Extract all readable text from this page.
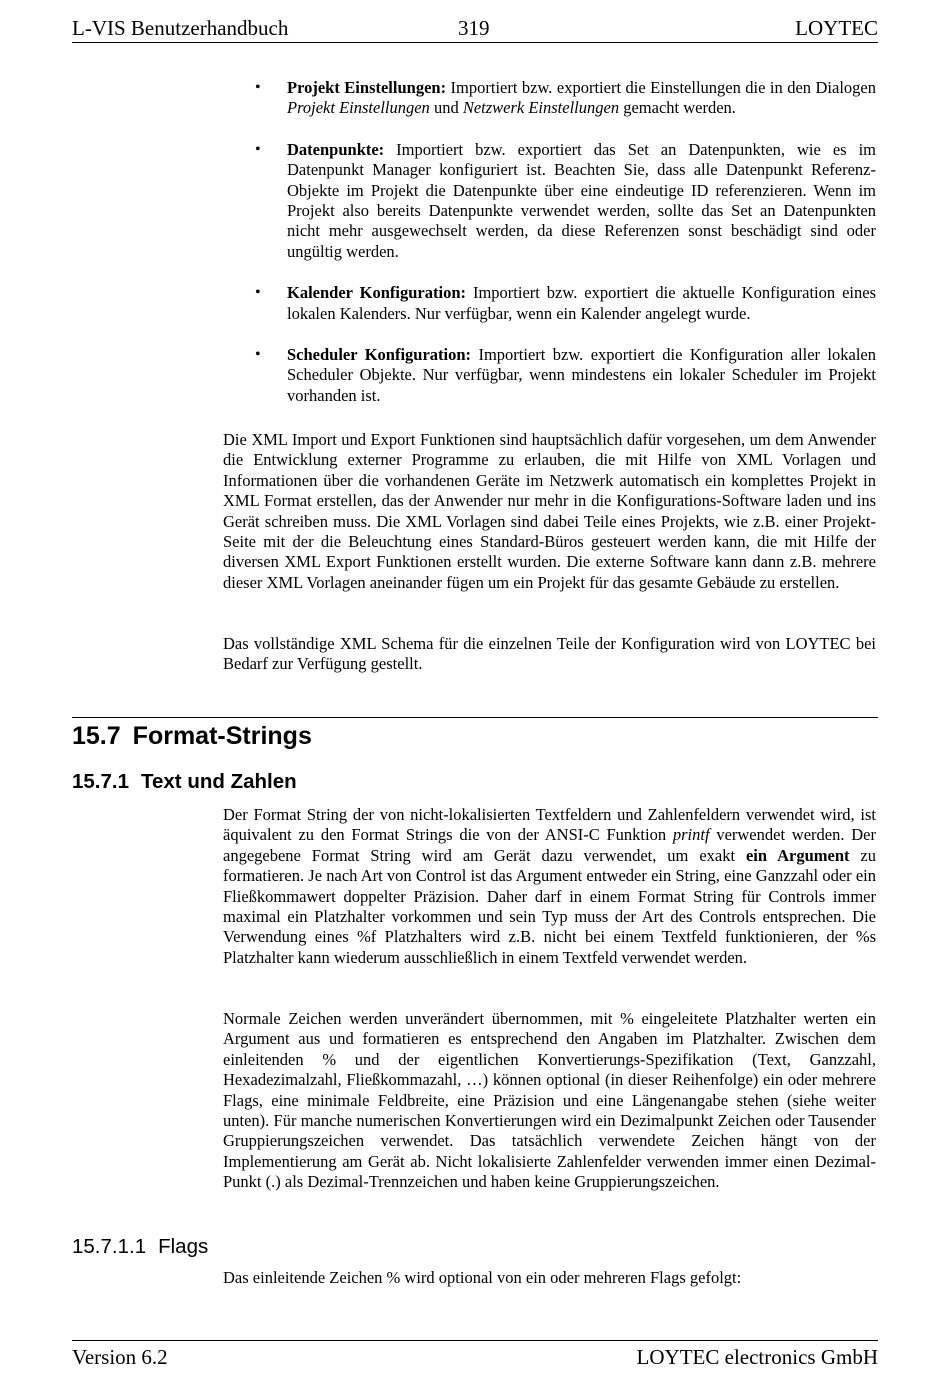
L-VIS Benutzerhandbuch	319	LOYTEC
• Projekt Einstellungen: Importiert bzw. exportiert die Einstellungen die in den Dialogen Projekt Einstellungen und Netzwerk Einstellungen gemacht werden.
• Datenpunkte: Importiert bzw. exportiert das Set an Datenpunkten, wie es im Datenpunkt Manager konfiguriert ist. Beachten Sie, dass alle Datenpunkt Referenz-Objekte im Projekt die Datenpunkte über eine eindeutige ID referenzieren. Wenn im Projekt also bereits Datenpunkte verwendet werden, sollte das Set an Datenpunkten nicht mehr ausgewechselt werden, da diese Referenzen sonst beschädigt sind oder ungültig werden.
• Kalender Konfiguration: Importiert bzw. exportiert die aktuelle Konfiguration eines lokalen Kalenders. Nur verfügbar, wenn ein Kalender angelegt wurde.
• Scheduler Konfiguration: Importiert bzw. exportiert die Konfiguration aller lokalen Scheduler Objekte. Nur verfügbar, wenn mindestens ein lokaler Scheduler im Projekt vorhanden ist.

Die XML Import und Export Funktionen sind hauptsächlich dafür vorgesehen, um dem Anwender die Entwicklung externer Programme zu erlauben, die mit Hilfe von XML Vorlagen und Informationen über die vorhandenen Geräte im Netzwerk automatisch ein komplettes Projekt in XML Format erstellen, das der Anwender nur mehr in die Konfigurations-Software laden und ins Gerät schreiben muss. Die XML Vorlagen sind dabei Teile eines Projekts, wie z.B. einer Projekt-Seite mit der die Beleuchtung eines Standard-Büros gesteuert werden kann, die mit Hilfe der diversen XML Export Funktionen erstellt wurden. Die externe Software kann dann z.B. mehrere dieser XML Vorlagen aneinander fügen um ein Projekt für das gesamte Gebäude zu erstellen.

Das vollständige XML Schema für die einzelnen Teile der Konfiguration wird von LOYTEC bei Bedarf zur Verfügung gestellt.

15.7 Format-Strings
15.7.1 Text und Zahlen

Der Format String der von nicht-lokalisierten Textfeldern und Zahlenfeldern verwendet wird, ist äquivalent zu den Format Strings die von der ANSI-C Funktion printf verwendet werden. Der angegebene Format String wird am Gerät dazu verwendet, um exakt ein Argument zu formatieren. Je nach Art von Control ist das Argument entweder ein String, eine Ganzzahl oder ein Fließkommawert doppelter Präzision. Daher darf in einem Format String für Controls immer maximal ein Platzhalter vorkommen und sein Typ muss der Art des Controls entsprechen. Die Verwendung eines %f Platzhalters wird z.B. nicht bei einem Textfeld funktionieren, der %s Platzhalter kann wiederum ausschließlich in einem Textfeld verwendet werden.

Normale Zeichen werden unverändert übernommen, mit % eingeleitete Platzhalter werten ein Argument aus und formatieren es entsprechend den Angaben im Platzhalter. Zwischen dem einleitenden % und der eigentlichen Konvertierungs-Spezifikation (Text, Ganzzahl, Hexadezimalzahl, Fließkommazahl, …) können optional (in dieser Reihenfolge) ein oder mehrere Flags, eine minimale Feldbreite, eine Präzision und eine Längenangabe stehen (siehe weiter unten). Für manche numerischen Konvertierungen wird ein Dezimalpunkt Zeichen oder Tausender Gruppierungszeichen verwendet. Das tatsächlich verwendete Zeichen hängt von der Implementierung am Gerät ab. Nicht lokalisierte Zahlenfelder verwenden immer einen Dezimal-Punkt (.) als Dezimal-Trennzeichen und haben keine Gruppierungszeichen.

15.7.1.1 Flags

Das einleitende Zeichen % wird optional von ein oder mehreren Flags gefolgt:

Version 6.2	LOYTEC electronics GmbH
